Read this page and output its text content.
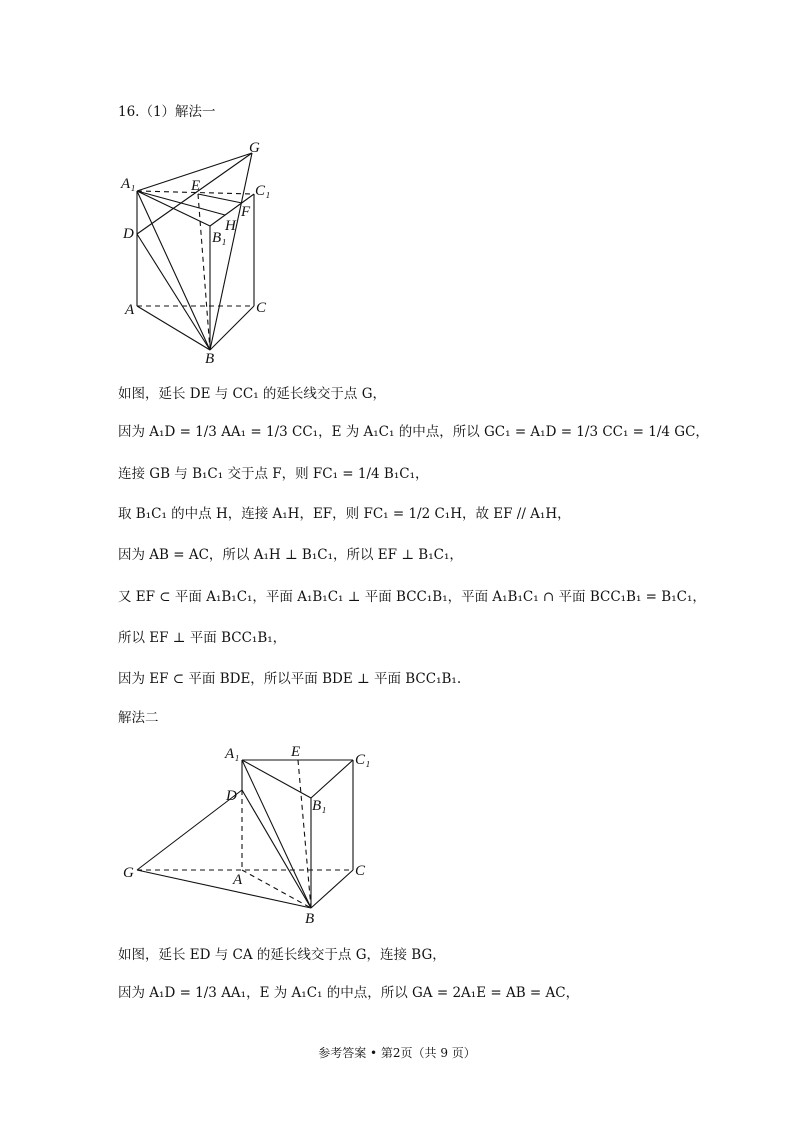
16.（1）解法一
G
A₁	E	C₁
F
H
D	B₁
A	C
B
如图，延长 DE 与 CC₁ 的延长线交于点 G，
因为 A₁D = 1/3 AA₁ = 1/3 CC₁，E 为 A₁C₁ 的中点，所以 GC₁ = A₁D = 1/3 CC₁ = 1/4 GC，
连接 GB 与 B₁C₁ 交于点 F，则 FC₁ = 1/4 B₁C₁，
取 B₁C₁ 的中点 H，连接 A₁H，EF，则 FC₁ = 1/2 C₁H，故 EF // A₁H，
因为 AB = AC，所以 A₁H ⊥ B₁C₁，所以 EF ⊥ B₁C₁，
又 EF ⊂ 平面 A₁B₁C₁，平面 A₁B₁C₁ ⊥ 平面 BCC₁B₁，平面 A₁B₁C₁ ∩ 平面 BCC₁B₁ = B₁C₁，
所以 EF ⊥ 平面 BCC₁B₁，
因为 EF ⊂ 平面 BDE，所以平面 BDE ⊥ 平面 BCC₁B₁.
解法二
A₁	E	C₁
D
B₁
G	A
C
B
如图，延长 ED 与 CA 的延长线交于点 G，连接 BG，
因为 A₁D = 1/3 AA₁，E 为 A₁C₁ 的中点，所以 GA = 2A₁E = AB = AC，
参考答案 • 第2页（共 9 页）
